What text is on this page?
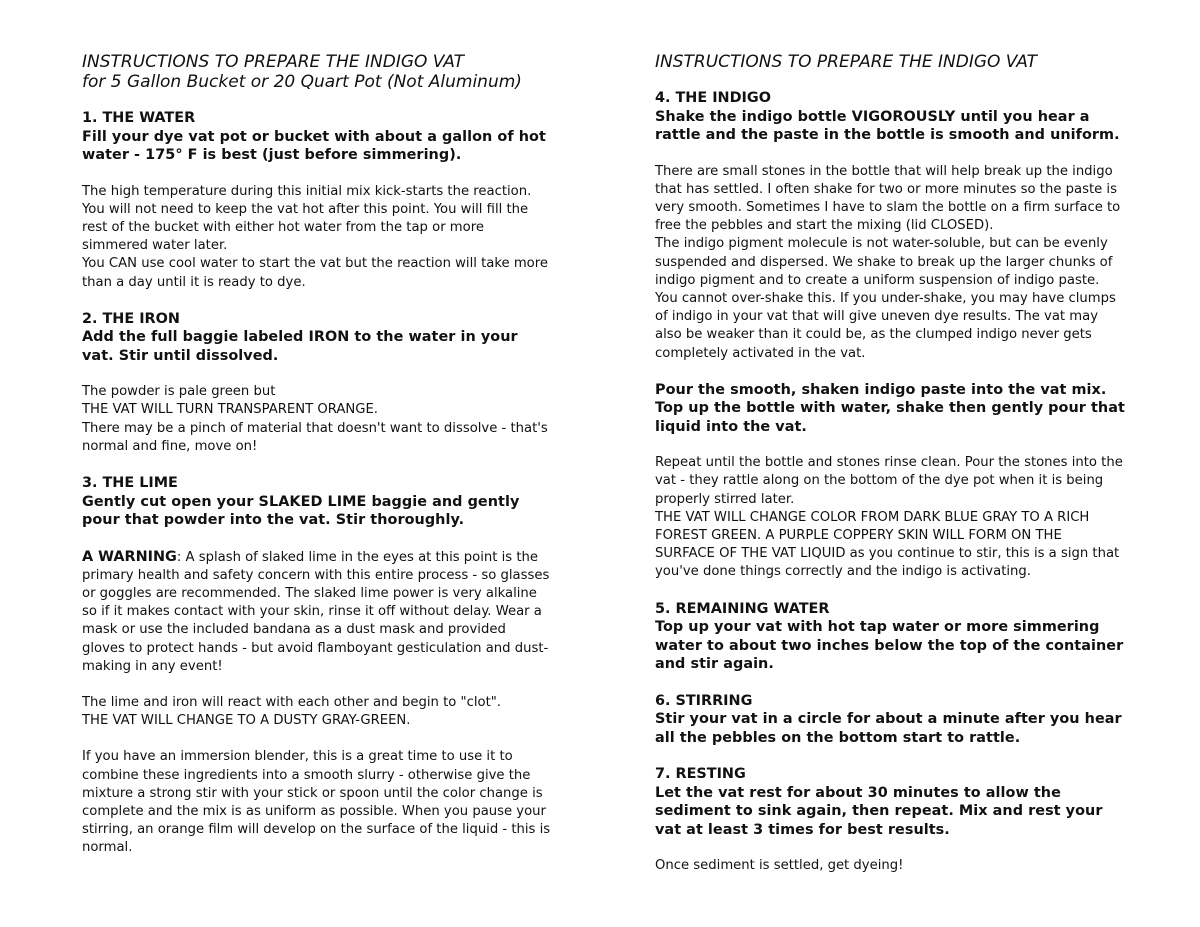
INSTRUCTIONS TO PREPARE THE INDIGO VAT

for 5 Gallon Bucket or 20 Quart Pot (Not Aluminum)

1. THE WATER

Fill your dye vat pot or bucket with about a gallon of hot water - 175° F is best (just before simmering).

The high temperature during this initial mix kick-starts the reaction. You will not need to keep the vat hot after this point. You will fill the rest of the bucket with either hot water from the tap or more simmered water later.

You CAN use cool water to start the vat but the reaction will take more than a day until it is ready to dye.

2. THE IRON

Add the full baggie labeled IRON to the water in your vat. Stir until dissolved.

The powder is pale green but

THE VAT WILL TURN TRANSPARENT ORANGE.

There may be a pinch of material that doesn't want to dissolve - that's normal and fine, move on!

3. THE LIME

Gently cut open your SLAKED LIME baggie and gently pour that powder into the vat. Stir thoroughly.

A WARNING: A splash of slaked lime in the eyes at this point is the primary health and safety concern with this entire process - so glasses or goggles are recommended. The slaked lime power is very alkaline so if it makes contact with your skin, rinse it off without delay. Wear a mask or use the included bandana as a dust mask and provided gloves to protect hands - but avoid flamboyant gesticulation and dust-making in any event!

The lime and iron will react with each other and begin to "clot".

THE VAT WILL CHANGE TO A DUSTY GRAY-GREEN.

If you have an immersion blender, this is a great time to use it to combine these ingredients into a smooth slurry - otherwise give the mixture a strong stir with your stick or spoon until the color change is complete and the mix is as uniform as possible. When you pause your stirring, an orange film will develop on the surface of the liquid - this is normal.

INSTRUCTIONS TO PREPARE THE INDIGO VAT

4. THE INDIGO

Shake the indigo bottle VIGOROUSLY until you hear a rattle and the paste in the bottle is smooth and uniform.

There are small stones in the bottle that will help break up the indigo that has settled. I often shake for two or more minutes so the paste is very smooth. Sometimes I have to slam the bottle on a firm surface to free the pebbles and start the mixing (lid CLOSED).

The indigo pigment molecule is not water-soluble, but can be evenly suspended and dispersed. We shake to break up the larger chunks of indigo pigment and to create a uniform suspension of indigo paste. You cannot over-shake this. If you under-shake, you may have clumps of indigo in your vat that will give uneven dye results. The vat may also be weaker than it could be, as the clumped indigo never gets completely activated in the vat.

Pour the smooth, shaken indigo paste into the vat mix. Top up the bottle with water, shake then gently pour that liquid into the vat.

Repeat until the bottle and stones rinse clean. Pour the stones into the vat - they rattle along on the bottom of the dye pot when it is being properly stirred later.

THE VAT WILL CHANGE COLOR FROM DARK BLUE GRAY TO A RICH FOREST GREEN. A PURPLE COPPERY SKIN WILL FORM ON THE SURFACE OF THE VAT LIQUID as you continue to stir, this is a sign that you've done things correctly and the indigo is activating.

5. REMAINING WATER

Top up your vat with hot tap water or more simmering water to about two inches below the top of the container and stir again.

6. STIRRING

Stir your vat in a circle for about a minute after you hear all the pebbles on the bottom start to rattle.

7. RESTING

Let the vat rest for about 30 minutes to allow the sediment to sink again, then repeat. Mix and rest your vat at least 3 times for best results.

Once sediment is settled, get dyeing!
